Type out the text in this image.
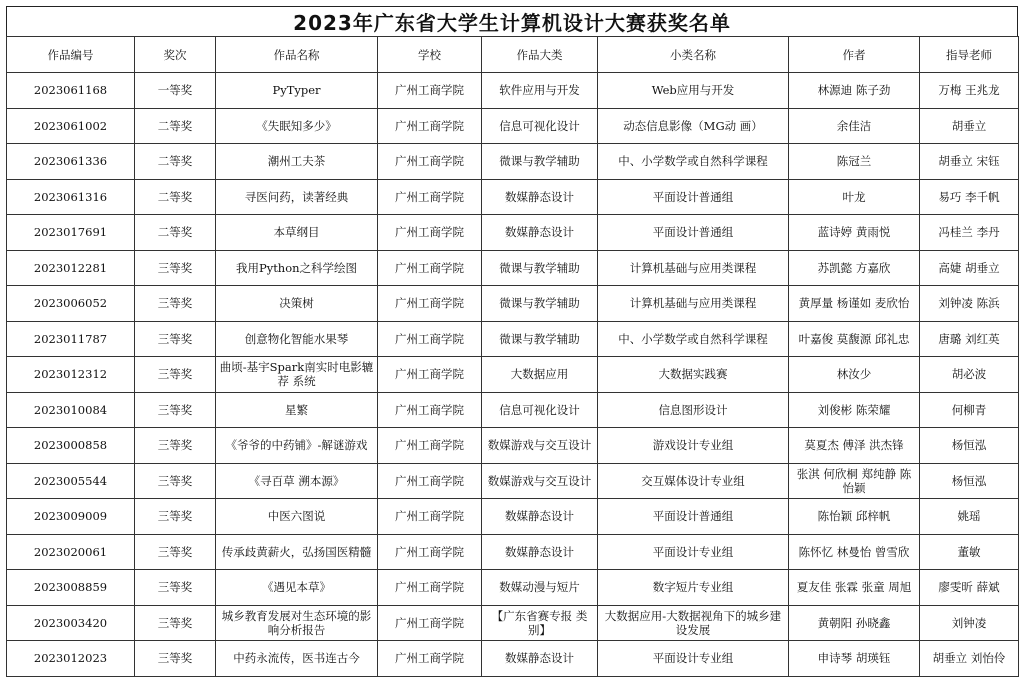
2023年广东省大学生计算机设计大赛获奖名单
作品编号	奖次	作品名称	学校	作品大类	小类名称	作者	指导老师
2023061168	一等奖	PyTyper	广州工商学院	软件应用与开发	Web应用与开发	林源迪 陈子劲	万梅 王兆龙
2023061002	二等奖	《失眠知多少》	广州工商学院	信息可视化设计	动态信息影像（MG动 画）	余佳洁	胡垂立
2023061336	二等奖	潮州工夫茶	广州工商学院	微课与教学辅助	中、小学数学或自然科学课程	陈冠兰	胡垂立 宋钰
2023061316	二等奖	寻医问药，读著经典	广州工商学院	数媒静态设计	平面设计普通组	叶龙	易巧 李千帆
2023017691	二等奖	本草纲目	广州工商学院	数媒静态设计	平面设计普通组	蓝诗婷 黄雨悦	冯桂兰 李丹
2023012281	三等奖	我用Python之科学绘图	广州工商学院	微课与教学辅助	计算机基础与应用类课程	苏凯懿 方嘉欣	高婕 胡垂立
2023006052	三等奖	决策树	广州工商学院	微课与教学辅助	计算机基础与应用类课程	黄厚量 杨谨如 麦欣怡	刘钟凌 陈浜
2023011787	三等奖	创意物化智能水果琴	广州工商学院	微课与教学辅助	中、小学数学或自然科学课程	叶嘉俊 莫馥源 邱礼忠	唐璐 刘红英
2023012312	三等奖	曲顷-基宇Spark南实时电影辘荐 系统	广州工商学院	大数据应用	大数据实践赛	林汝少	胡必波
2023010084	三等奖	星繁	广州工商学院	信息可视化设计	信息图形设计	刘俊彬 陈荣耀	何柳青
2023000858	三等奖	《爷爷的中药铺》-解谜游戏	广州工商学院	数媒游戏与交互设计	游戏设计专业组	莫夏杰 傅泽 洪杰锋	杨恒泓
2023005544	三等奖	《寻百草 溯本源》	广州工商学院	数媒游戏与交互设计	交互媒体设计专业组	张淇 何欣桐 郑纯静 陈怡颖	杨恒泓
2023009009	三等奖	中医六图说	广州工商学院	数媒静态设计	平面设计普通组	陈怡颖 邱梓帆	姚瑶
2023020061	三等奖	传承歧黄薪火，弘扬国医精髓	广州工商学院	数媒静态设计	平面设计专业组	陈怀忆 林曼怡 曾雪欣	董敏
2023008859	三等奖	《遇见本草》	广州工商学院	数媒动漫与短片	数字短片专业组	夏友佳 张霖 张童 周旭	廖雯昕 薛斌
2023003420	三等奖	城乡教育发展对生态环境的影 响分析报告	广州工商学院	【广东省赛专报 类别】	大数据应用-大数据视角下的城乡建设发展	黄朝阳 孙晓鑫	刘钟凌
2023012023	三等奖	中药永流传，医书连古今	广州工商学院	数媒静态设计	平面设计专业组	申诗琴 胡瑛钰	胡垂立 刘怡伶
